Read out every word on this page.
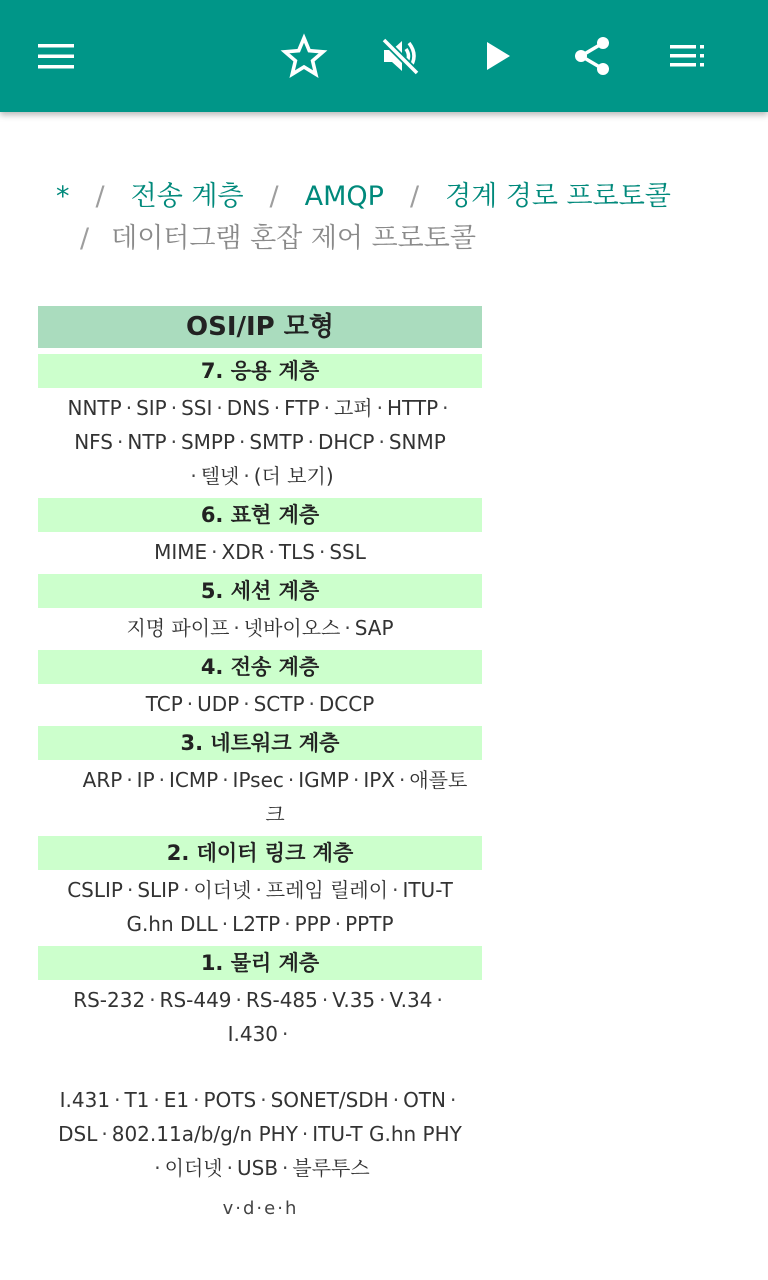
* / 전송 계층 / AMQP / 경계 경로 프로토콜
/ 데이터그램 혼잡 제어 프로토콜
OSI/IP 모형
7. 응용 계층
NNTP · SIP · SSI · DNS · FTP · 고퍼 · HTTP ·
NFS · NTP · SMPP · SMTP · DHCP · SNMP
· 텔넷 · (더 보기)
6. 표현 계층
MIME · XDR · TLS · SSL
5. 세션 계층
지명 파이프 · 넷바이오스 · SAP
4. 전송 계층
TCP · UDP · SCTP · DCCP
3. 네트워크 계층
ARP · IP · ICMP · IPsec · IGMP · IPX · 애플토
크
2. 데이터 링크 계층
CSLIP · SLIP · 이더넷 · 프레임 릴레이 · ITU-T
G.hn DLL · L2TP · PPP · PPTP
1. 물리 계층
RS-232 · RS-449 · RS-485 · V.35 · V.34 ·
I.430 ·
I.431 · T1 · E1 · POTS · SONET/SDH · OTN ·
DSL · 802.11a/b/g/n PHY · ITU-T G.hn PHY
· 이더넷 · USB · 블루투스
v·d·e·h
